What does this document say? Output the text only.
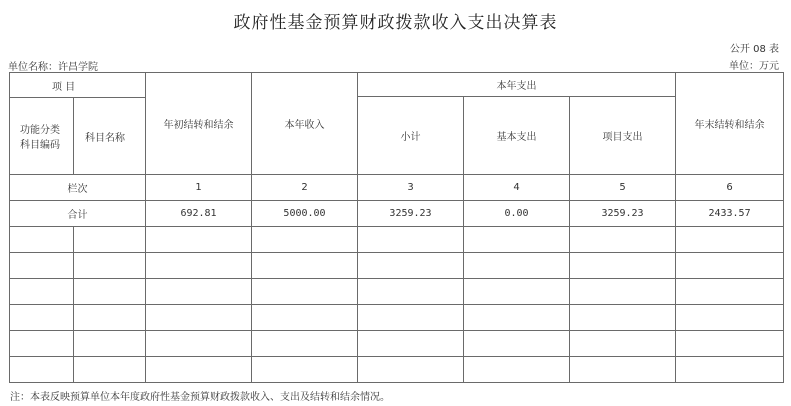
政府性基金预算财政拨款收入支出决算表
公开 08 表
单位名称：许昌学院	单位：万元
项 目
功能分类科目编码
科目名称	年初结转和结余	本年收入	本年支出			年末结转和结余
			小计	基本支出	项目支出	
栏次	1	2	3	4	5	6
合计	692.81	5000.00	3259.23	0.00	3259.23	2433.57

注：本表反映预算单位本年度政府性基金预算财政拨款收入、支出及结转和结余情况。
